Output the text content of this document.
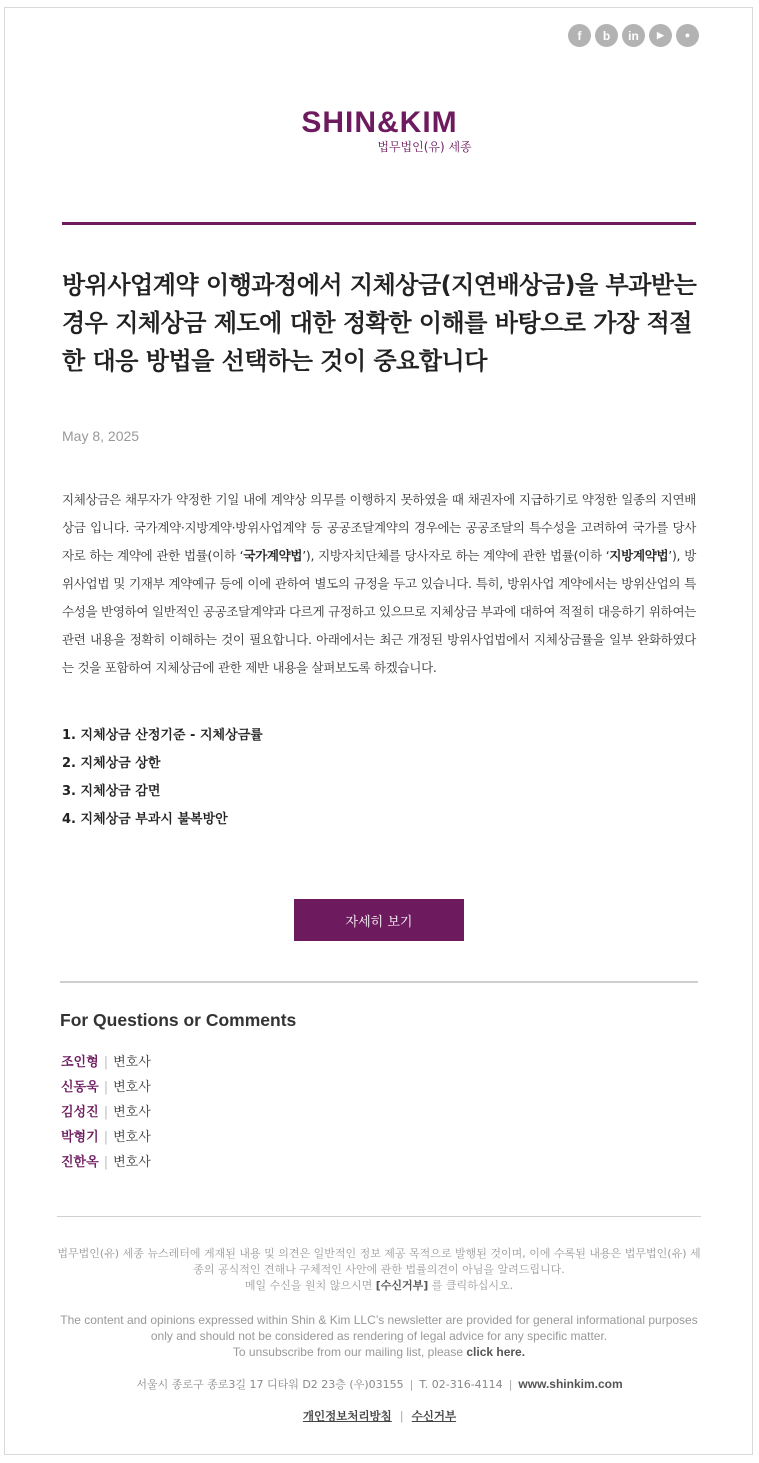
f	b	in	▶	●
SHIN&KIM
법무법인(유) 세종
방위사업계약 이행과정에서 지체상금(지연배상금)을 부과받는 경우 지체상금 제도에 대한 정확한 이해를 바탕으로 가장 적절한 대응 방법을 선택하는 것이 중요합니다
May 8, 2025

지체상금은 채무자가 약정한 기일 내에 계약상 의무를 이행하지 못하였을 때 채권자에 지급하기로 약정한 일종의 지연배상금 입니다. 국가계약·지방계약·방위사업계약 등 공공조달계약의 경우에는 공공조달의 특수성을 고려하여 국가를 당사자로 하는 계약에 관한 법률(이하 ‘국가계약법’), 지방자치단체를 당사자로 하는 계약에 관한 법률(이하 ‘지방계약법’), 방위사업법 및 기재부 계약예규 등에 이에 관하여 별도의 규정을 두고 있습니다. 특히, 방위사업 계약에서는 방위산업의 특수성을 반영하여 일반적인 공공조달계약과 다르게 규정하고 있으므로 지체상금 부과에 대하여 적절히 대응하기 위하여는 관련 내용을 정확히 이해하는 것이 필요합니다. 아래에서는 최근 개정된 방위사업법에서 지체상금률을 일부 완화하였다는 것을 포함하여 지체상금에 관한 제반 내용을 살펴보도록 하겠습니다.

1. 지체상금 산정기준 - 지체상금률
2. 지체상금 상한
3. 지체상금 감면
4. 지체상금 부과시 불복방안
자세히 보기
For Questions or Comments
조인형 | 변호사
신동욱 | 변호사
김성진 | 변호사
박형기 | 변호사
진한옥 | 변호사

법무법인(유) 세종 뉴스레터에 게재된 내용 및 의견은 일반적인 정보 제공 목적으로 발행된 것이며, 이에 수록된 내용은 법무법인(유) 세종의 공식적인 견해나 구체적인 사안에 관한 법률의견이 아님을 알려드립니다.
메일 수신을 원치 않으시면 [수신거부] 를 클릭하십시오.

The content and opinions expressed within Shin & Kim LLC’s newsletter are provided for general informational purposes only and should not be considered as rendering of legal advice for any specific matter.
To unsubscribe from our mailing list, please click here.

서울시 종로구 종로3길 17 디타워 D2 23층 (우)03155 | T. 02-316-4114 | www.shinkim.com
개인정보처리방침 | 수신거부
